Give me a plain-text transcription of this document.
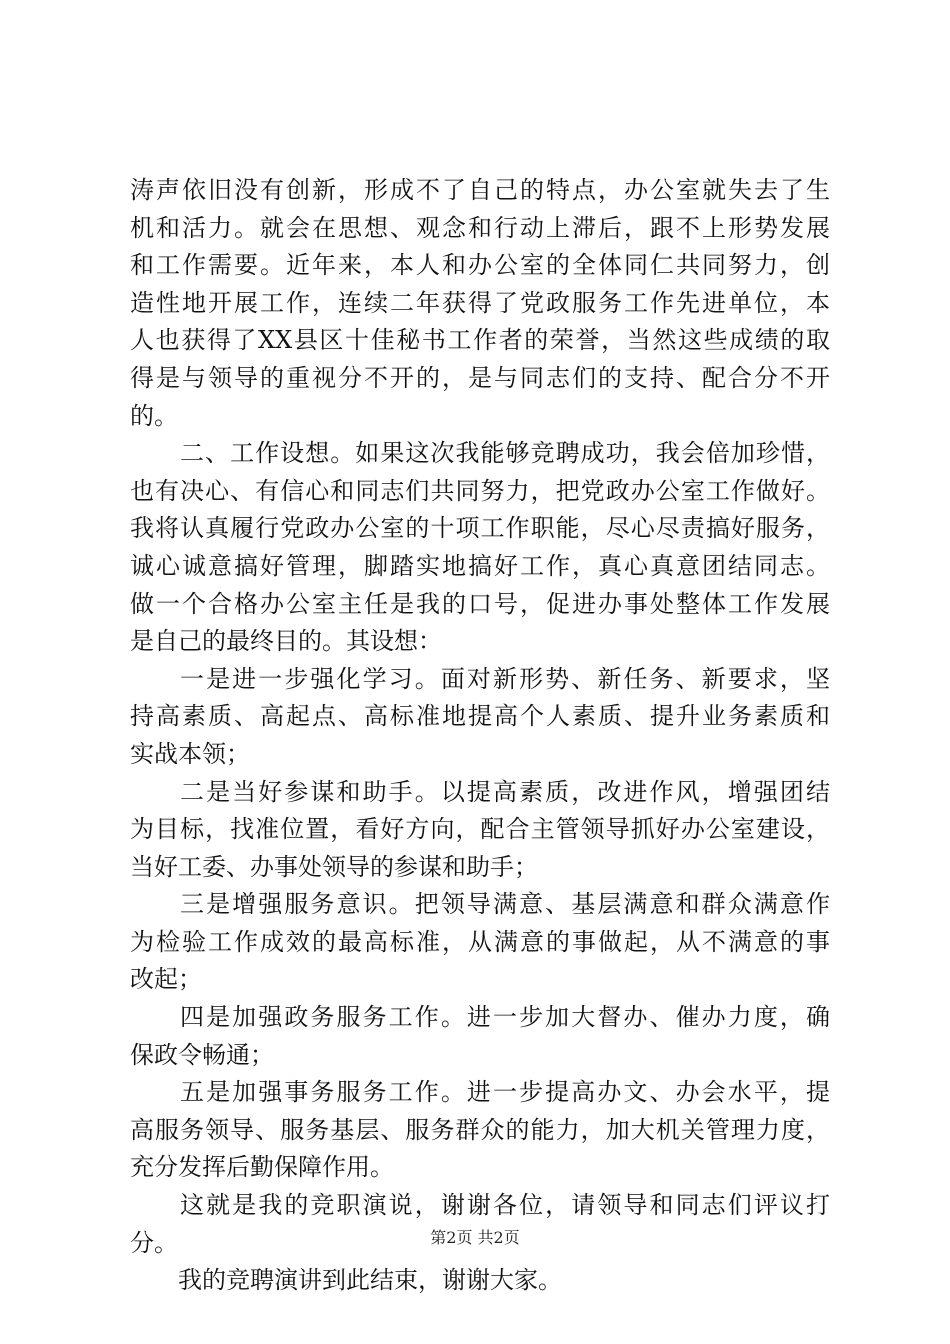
涛声依旧没有创新，形成不了自己的特点，办公室就失去了生
机和活力。就会在思想、观念和行动上滞后，跟不上形势发展
和工作需要。近年来，本人和办公室的全体同仁共同努力，创
造性地开展工作，连续二年获得了党政服务工作先进单位，本
人也获得了XX县区十佳秘书工作者的荣誉，当然这些成绩的取
得是与领导的重视分不开的，是与同志们的支持、配合分不开
的。
二、工作设想。如果这次我能够竞聘成功，我会倍加珍惜，
也有决心、有信心和同志们共同努力，把党政办公室工作做好。
我将认真履行党政办公室的十项工作职能，尽心尽责搞好服务，
诚心诚意搞好管理，脚踏实地搞好工作，真心真意团结同志。
做一个合格办公室主任是我的口号，促进办事处整体工作发展
是自己的最终目的。其设想：
一是进一步强化学习。面对新形势、新任务、新要求，坚
持高素质、高起点、高标准地提高个人素质、提升业务素质和
实战本领；
二是当好参谋和助手。以提高素质，改进作风，增强团结
为目标，找准位置，看好方向，配合主管领导抓好办公室建设，
当好工委、办事处领导的参谋和助手；
三是增强服务意识。把领导满意、基层满意和群众满意作
为检验工作成效的最高标准，从满意的事做起，从不满意的事
改起；
四是加强政务服务工作。进一步加大督办、催办力度，确
保政令畅通；
五是加强事务服务工作。进一步提高办文、办会水平，提
高服务领导、服务基层、服务群众的能力，加大机关管理力度，
充分发挥后勤保障作用。
这就是我的竞职演说，谢谢各位，请领导和同志们评议打
分。
我的竞聘演讲到此结束，谢谢大家。
第2页 共2页
